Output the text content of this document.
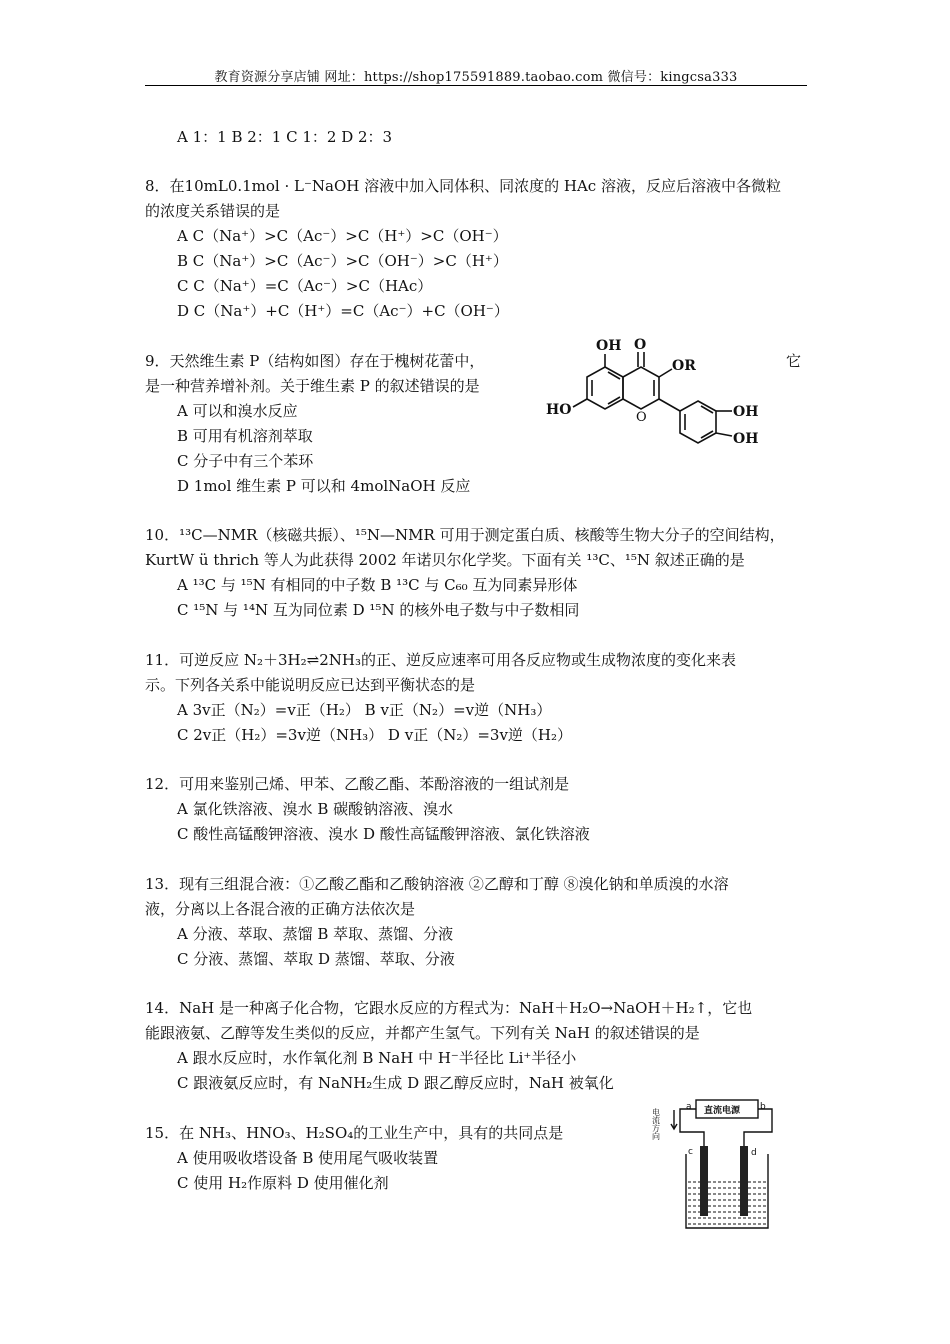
教育资源分享店铺 网址：https://shop175591889.taobao.com 微信号：kingcsa333
A 1：1 B 2：1 C 1：2 D 2：3
8．在10mL0.1mol · L⁻NaOH 溶液中加入同体积、同浓度的 HAc 溶液，反应后溶液中各微粒
的浓度关系错误的是
A C（Na⁺）>C（Ac⁻）>C（H⁺）>C（OH⁻）
B C（Na⁺）>C（Ac⁻）>C（OH⁻）>C（H⁺）
C C（Na⁺）=C（Ac⁻）>C（HAc）
D C（Na⁺）+C（H⁺）=C（Ac⁻）+C（OH⁻）
9．天然维生素 P（结构如图）存在于槐树花蕾中，	它
是一种营养增补剂。关于维生素 P 的叙述错误的是
A 可以和溴水反应
B 可用有机溶剂萃取
C 分子中有三个苯环
D 1mol 维生素 P 可以和 4molNaOH 反应
OH O
OR
HO	O	OH
OH
10．¹³C—NMR（核磁共振）、¹⁵N—NMR 可用于测定蛋白质、核酸等生物大分子的空间结构，
KurtW ü thrich 等人为此获得 2002 年诺贝尔化学奖。下面有关 ¹³C、¹⁵N 叙述正确的是
A ¹³C 与 ¹⁵N 有相同的中子数 B ¹³C 与 C₆₀ 互为同素异形体
C ¹⁵N 与 ¹⁴N 互为同位素 D ¹⁵N 的核外电子数与中子数相同
11．可逆反应 N₂＋3H₂⇌2NH₃的正、逆反应速率可用各反应物或生成物浓度的变化来表
示。下列各关系中能说明反应已达到平衡状态的是
A 3v正（N₂）=v正（H₂） B v正（N₂）=v逆（NH₃）
C 2v正（H₂）=3v逆（NH₃） D v正（N₂）=3v逆（H₂）
12．可用来鉴别己烯、甲苯、乙酸乙酯、苯酚溶液的一组试剂是
A 氯化铁溶液、溴水 B 碳酸钠溶液、溴水
C 酸性高锰酸钾溶液、溴水 D 酸性高锰酸钾溶液、氯化铁溶液
13．现有三组混合液：①乙酸乙酯和乙酸钠溶液 ②乙醇和丁醇 ⑧溴化钠和单质溴的水溶
液，分离以上各混合液的正确方法依次是
A 分液、萃取、蒸馏 B 萃取、蒸馏、分液
C 分液、蒸馏、萃取 D 蒸馏、萃取、分液
14．NaH 是一种离子化合物，它跟水反应的方程式为：NaH＋H₂O→NaOH＋H₂↑，它也
能跟液氨、乙醇等发生类似的反应，并都产生氢气。下列有关 NaH 的叙述错误的是
A 跟水反应时，水作氧化剂 B NaH 中 H⁻半径比 Li⁺半径小
C 跟液氨反应时，有 NaNH₂生成 D 跟乙醇反应时，NaH 被氧化
15．在 NH₃、HNO₃、H₂SO₄的工业生产中，具有的共同点是
A 使用吸收塔设备 B 使用尾气吸收装置
C 使用 H₂作原料 D 使用催化剂
直流电源
a	b
c	d
电流方向
